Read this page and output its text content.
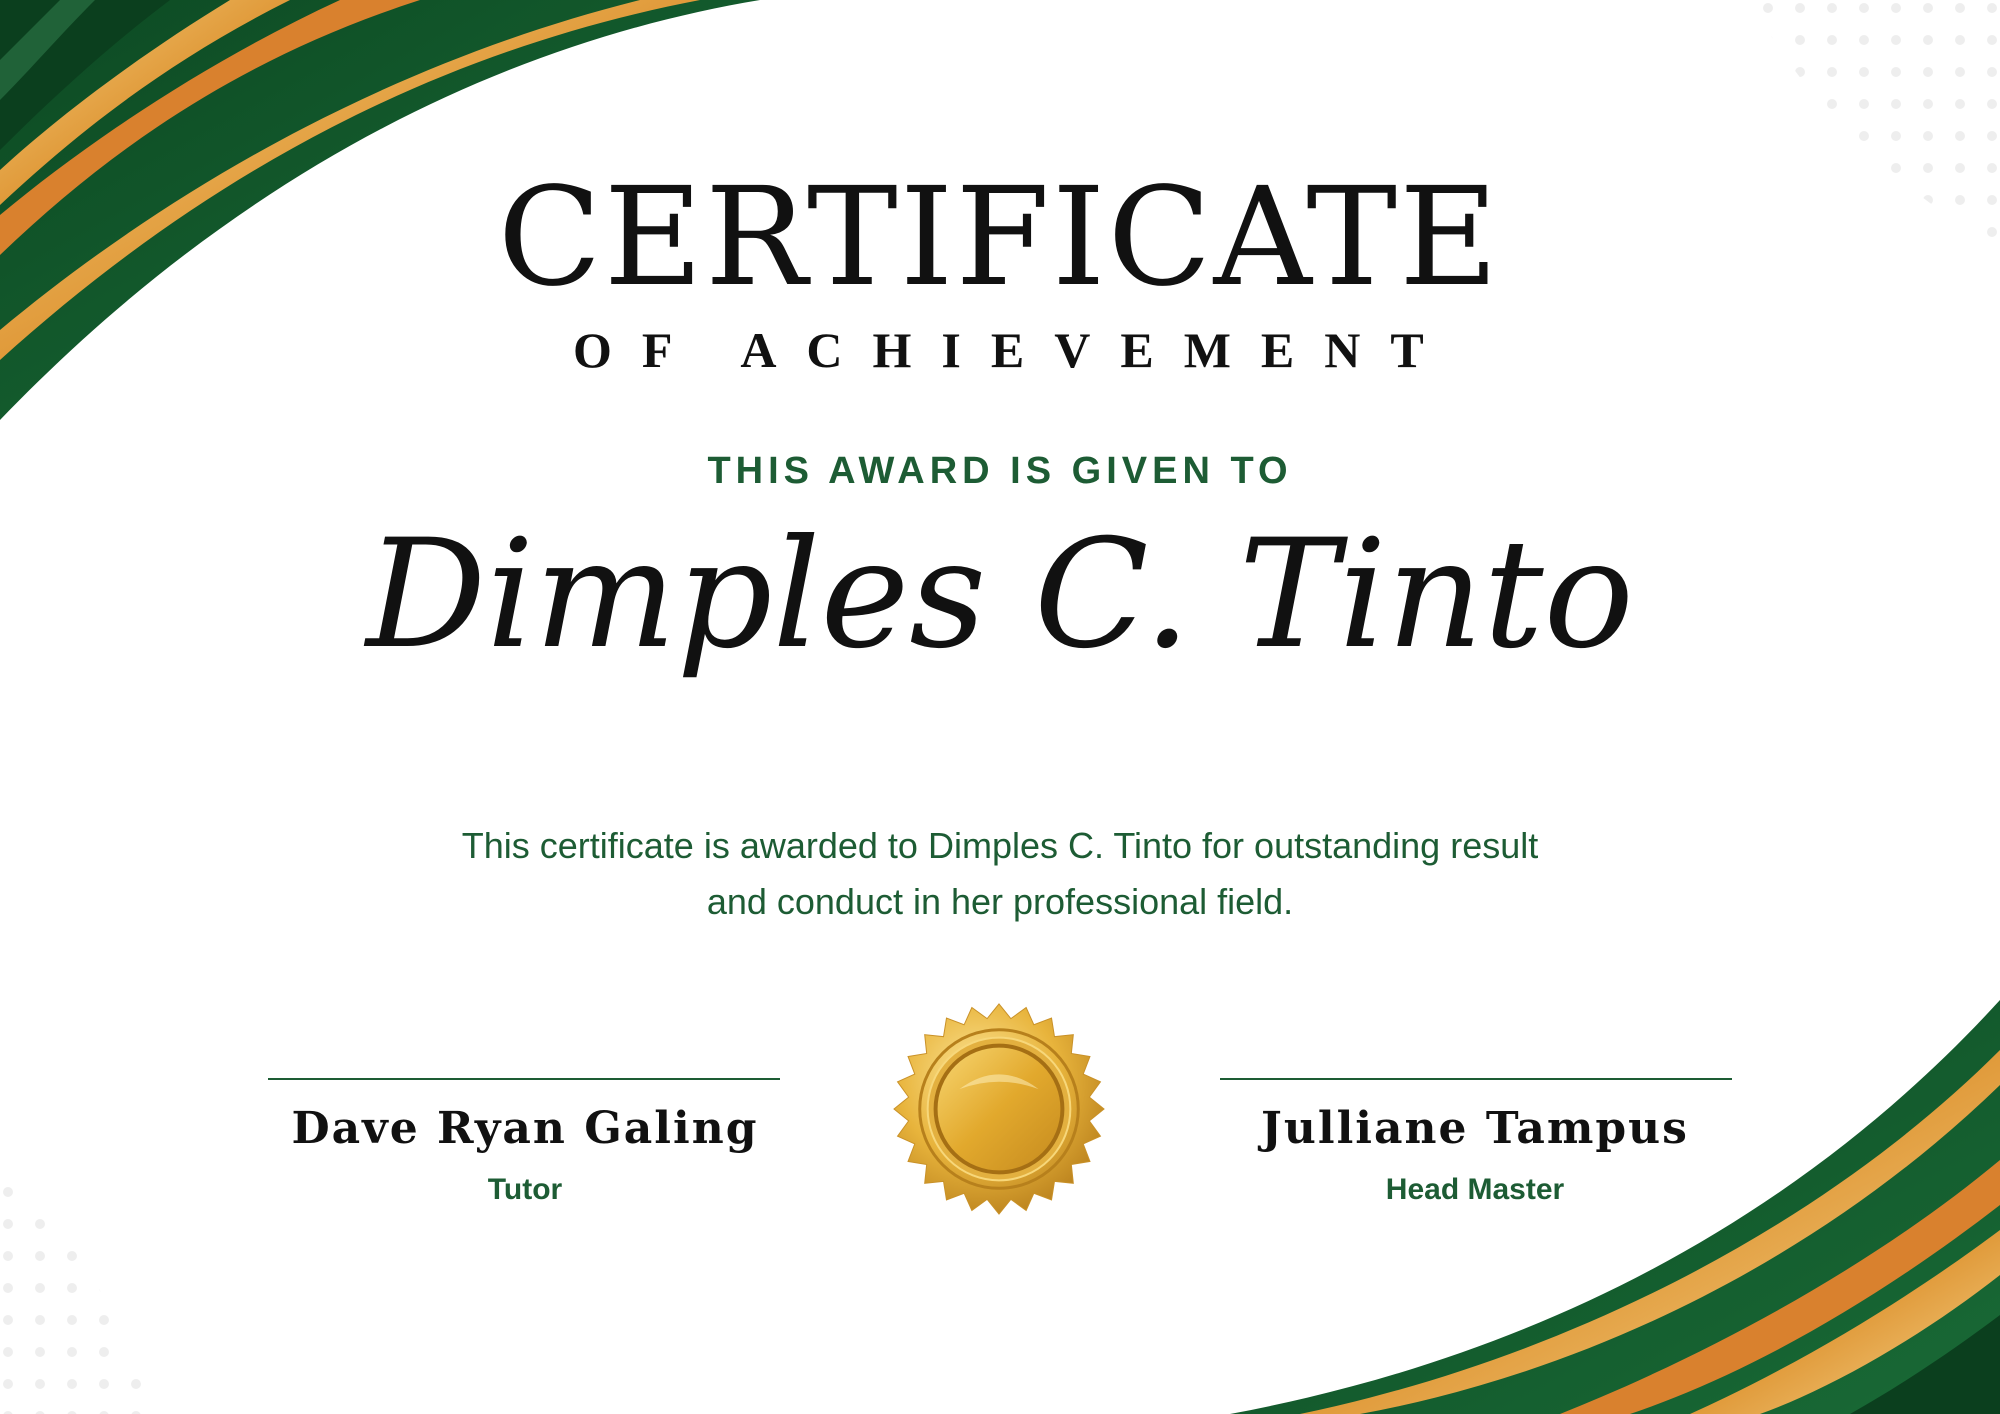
CERTIFICATE
OF ACHIEVEMENT
THIS AWARD IS GIVEN TO
Dimples C. Tinto
This certificate is awarded to Dimples C. Tinto for outstanding result
and conduct in her professional field.
Dave Ryan Galing
Tutor
Julliane Tampus
Head Master
